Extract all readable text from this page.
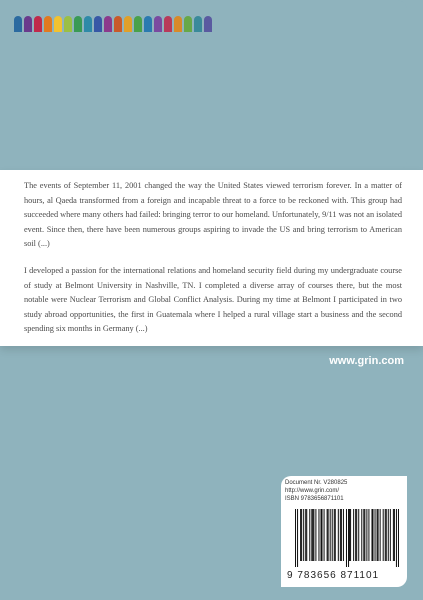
The events of September 11, 2001 changed the way the United States viewed terrorism forever. In a matter of hours, al Qaeda transformed from a foreign and incapable threat to a force to be reckoned with. This group had succeeded where many others had failed: bringing terror to our homeland. Unfortunately, 9/11 was not an isolated event. Since then, there have been numerous groups aspiring to invade the US and bring terrorism to American soil (...)

I developed a passion for the international relations and homeland security field during my undergraduate course of study at Belmont University in Nashville, TN. I completed a diverse array of courses there, but the most notable were Nuclear Terrorism and Global Conflict Analysis. During my time at Belmont I participated in two study abroad opportunities, the first in Guatemala where I helped a rural village start a business and the second spending six months in Germany (...)

www.grin.com
Document Nr. V280825
http://www.grin.com/
ISBN 9783656871101
9 783656 871101
